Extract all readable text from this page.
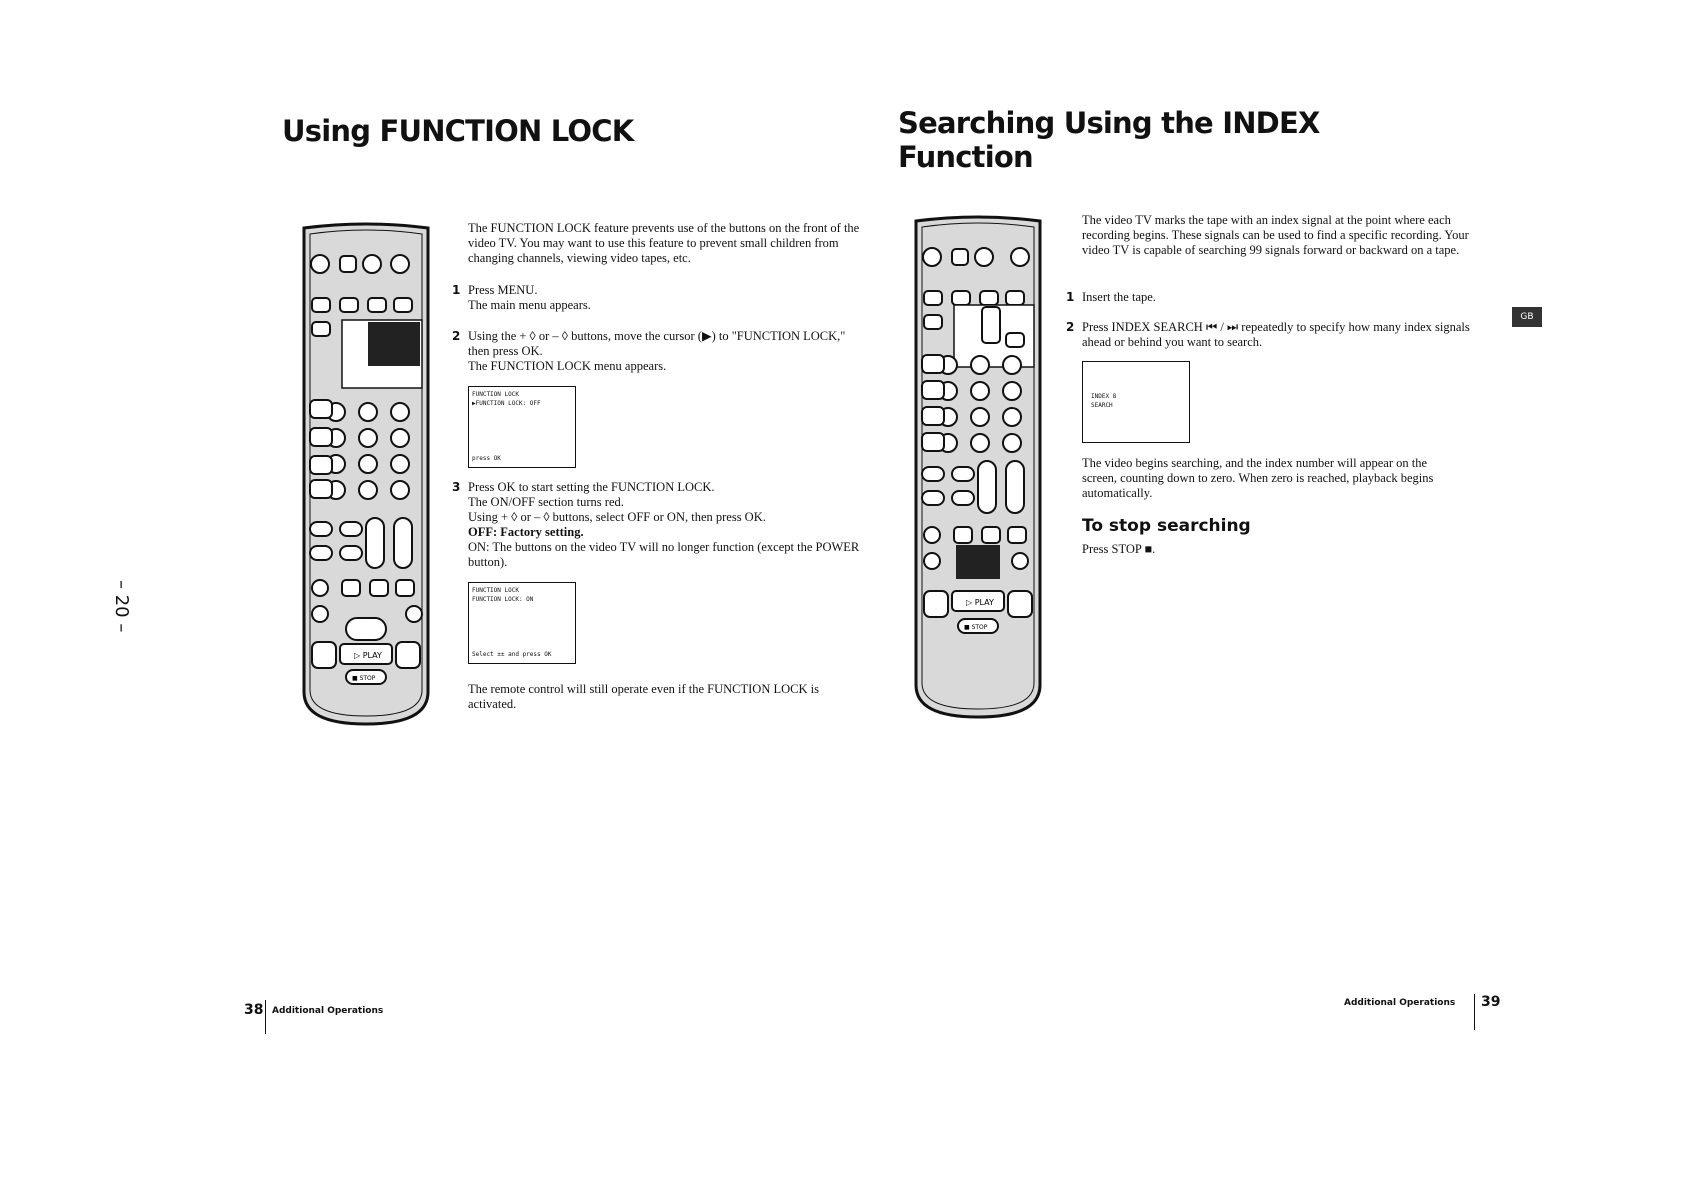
– 20 –
Using FUNCTION LOCK
▷ PLAY
■ STOP
The FUNCTION LOCK feature prevents use of the buttons on the front of the video TV. You may want to use this feature to prevent small children from changing channels, viewing video tapes, etc.
1 Press MENU.
The main menu appears.
2 Using the + ◊ or – ◊ buttons, move the cursor (▶) to "FUNCTION LOCK," then press OK.
The FUNCTION LOCK menu appears.
FUNCTION LOCK
▶FUNCTION LOCK: OFF
press OK
3 Press OK to start setting the FUNCTION LOCK.
The ON/OFF section turns red.
Using + ◊ or – ◊ buttons, select OFF or ON, then press OK.
OFF: Factory setting.
ON: The buttons on the video TV will no longer function (except the POWER button).
FUNCTION LOCK
FUNCTION LOCK: ON
Select ±± and press OK
The remote control will still operate even if the FUNCTION LOCK is activated.
38 Additional Operations
Searching Using the INDEX
Function
▷ PLAY
■ STOP
The video TV marks the tape with an index signal at the point where each recording begins. These signals can be used to find a specific recording. Your video TV is capable of searching 99 signals forward or backward on a tape.
1 Insert the tape.
2 Press INDEX SEARCH ⏮ / ⏭ repeatedly to specify how many index signals ahead or behind you want to search.
INDEX 8
SEARCH
The video begins searching, and the index number will appear on the screen, counting down to zero. When zero is reached, playback begins automatically.
To stop searching
Press STOP ■.
GB
Additional Operations 39
